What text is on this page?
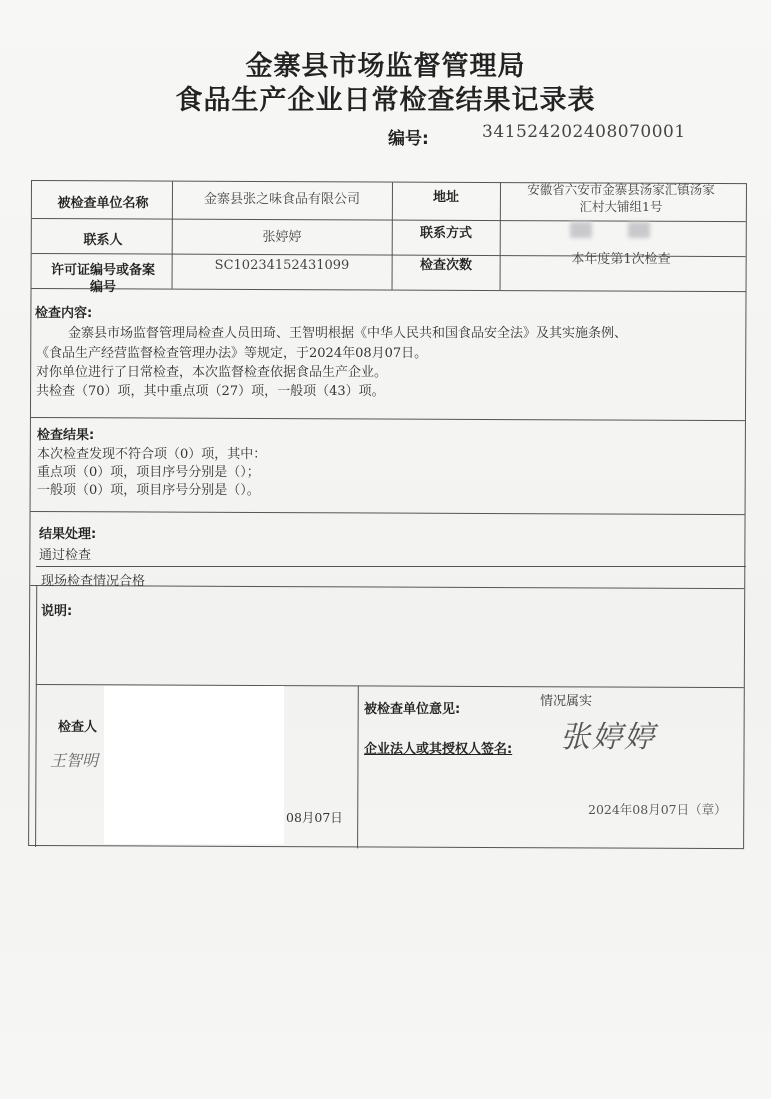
金寨县市场监督管理局
食品生产企业日常检查结果记录表
编号:	341524202408070001
被检查单位名称	金寨县张之味食品有限公司	地址
安徽省六安市金寨县汤家汇镇汤家
汇村大铺组1号
联系人	张婷婷	联系方式
许可证编号或备案
编号
SC10234152431099	检查次数	本年度第1次检查
检查内容:
金寨县市场监督管理局检查人员田琦、王智明根据《中华人民共和国食品安全法》及其实施条例、
《食品生产经营监督检查管理办法》等规定，于2024年08月07日。
对你单位进行了日常检查，本次监督检查依据食品生产企业。
共检查（70）项，其中重点项（27）项，一般项（43）项。
检查结果:
本次检查发现不符合项（0）项，其中：
重点项（0）项，项目序号分别是（）；
一般项（0）项，项目序号分别是（）。
结果处理:
通过检查
现场检查情况合格
说明:
检查人
王智明
08月07日
被检查单位意见:
情况属实
企业法人或其授权人签名: 张婷婷
2024年08月07日（章）
